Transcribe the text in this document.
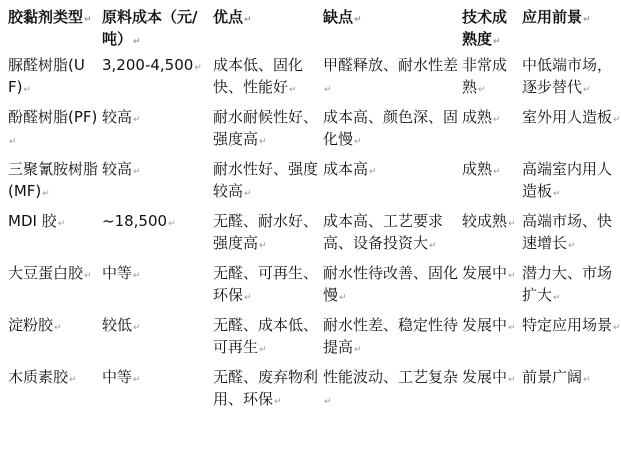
胶黏剂类型↵	原料成本（元/吨）↵	优点↵	缺点↵	技术成熟度↵	应用前景↵
脲醛树脂(UF)↵	3,200-4,500↵	成本低、固化快、性能好↵	甲醛释放、耐水性差↵	非常成熟↵	中低端市场，逐步替代↵
酚醛树脂(PF)↵	较高↵	耐水耐候性好、强度高↵	成本高、颜色深、固化慢↵	成熟↵	室外用人造板↵
三聚氰胺树脂(MF)↵	较高↵	耐水性好、强度较高↵	成本高↵	成熟↵	高端室内用人造板↵
MDI 胶↵	~18,500↵	无醛、耐水好、强度高↵	成本高、工艺要求高、设备投资大↵	较成熟↵	高端市场、快速增长↵
大豆蛋白胶↵	中等↵	无醛、可再生、环保↵	耐水性待改善、固化慢↵	发展中↵	潜力大、市场扩大↵
淀粉胶↵	较低↵	无醛、成本低、可再生↵	耐水性差、稳定性待提高↵	发展中↵	特定应用场景↵
木质素胶↵	中等↵	无醛、废弃物利用、环保↵	性能波动、工艺复杂↵	发展中↵	前景广阔↵
